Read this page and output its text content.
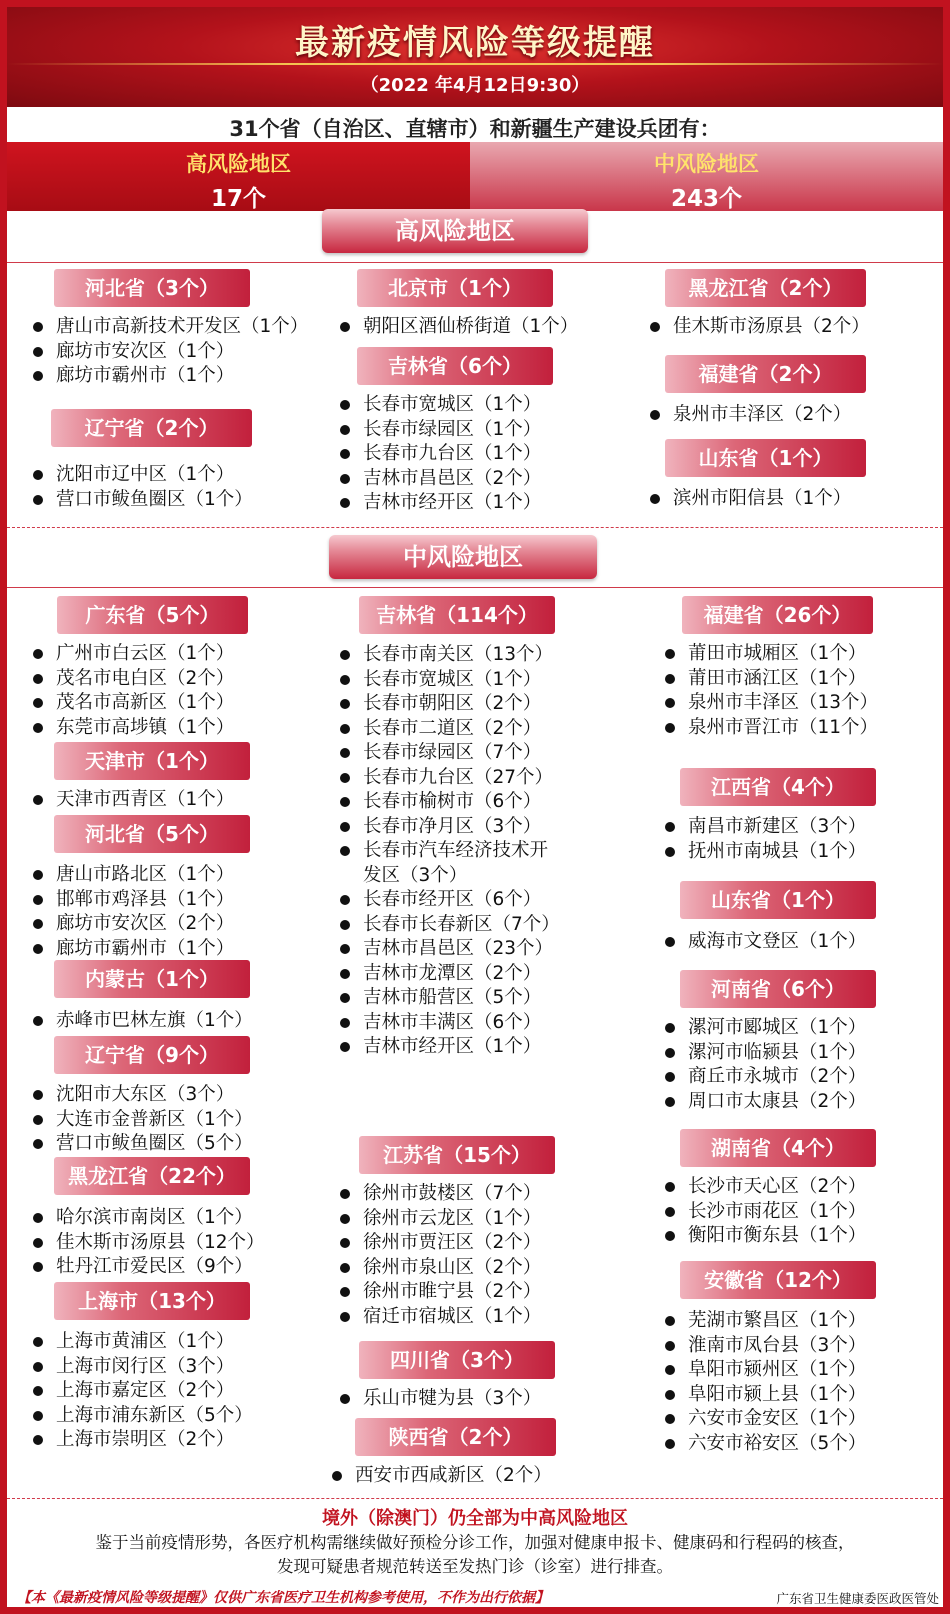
最新疫情风险等级提醒
（2022 年4月12日9:30）
31个省（自治区、直辖市）和新疆生产建设兵团有：
高风险地区
17个
中风险地区
243个
高风险地区
河北省（3个）
唐山市高新技术开发区（1个）
廊坊市安次区（1个）
廊坊市霸州市（1个）
辽宁省（2个）
沈阳市辽中区（1个）
营口市鲅鱼圈区（1个）
北京市（1个）
朝阳区酒仙桥街道（1个）
吉林省（6个）
长春市宽城区（1个）
长春市绿园区（1个）
长春市九台区（1个）
吉林市昌邑区（2个）
吉林市经开区（1个）
黑龙江省（2个）
佳木斯市汤原县（2个）
福建省（2个）
泉州市丰泽区（2个）
山东省（1个）
滨州市阳信县（1个）
中风险地区
广东省（5个）
广州市白云区（1个）
茂名市电白区（2个）
茂名市高新区（1个）
东莞市高埗镇（1个）
天津市（1个）
天津市西青区（1个）
河北省（5个）
唐山市路北区（1个）
邯郸市鸡泽县（1个）
廊坊市安次区（2个）
廊坊市霸州市（1个）
内蒙古（1个）
赤峰市巴林左旗（1个）
辽宁省（9个）
沈阳市大东区（3个）
大连市金普新区（1个）
营口市鲅鱼圈区（5个）
黑龙江省（22个）
哈尔滨市南岗区（1个）
佳木斯市汤原县（12个）
牡丹江市爱民区（9个）
上海市（13个）
上海市黄浦区（1个）
上海市闵行区（3个）
上海市嘉定区（2个）
上海市浦东新区（5个）
上海市崇明区（2个）
吉林省（114个）
长春市南关区（13个）
长春市宽城区（1个）
长春市朝阳区（2个）
长春市二道区（2个）
长春市绿园区（7个）
长春市九台区（27个）
长春市榆树市（6个）
长春市净月区（3个）
长春市汽车经济技术开发区（3个）
长春市经开区（6个）
长春市长春新区（7个）
吉林市昌邑区（23个）
吉林市龙潭区（2个）
吉林市船营区（5个）
吉林市丰满区（6个）
吉林市经开区（1个）
江苏省（15个）
徐州市鼓楼区（7个）
徐州市云龙区（1个）
徐州市贾汪区（2个）
徐州市泉山区（2个）
徐州市睢宁县（2个）
宿迁市宿城区（1个）
四川省（3个）
乐山市犍为县（3个）
陕西省（2个）
西安市西咸新区（2个）
福建省（26个）
莆田市城厢区（1个）
莆田市涵江区（1个）
泉州市丰泽区（13个）
泉州市晋江市（11个）
江西省（4个）
南昌市新建区（3个）
抚州市南城县（1个）
山东省（1个）
威海市文登区（1个）
河南省（6个）
漯河市郾城区（1个）
漯河市临颍县（1个）
商丘市永城市（2个）
周口市太康县（2个）
湖南省（4个）
长沙市天心区（2个）
长沙市雨花区（1个）
衡阳市衡东县（1个）
安徽省（12个）
芜湖市繁昌区（1个）
淮南市凤台县（3个）
阜阳市颍州区（1个）
阜阳市颍上县（1个）
六安市金安区（1个）
六安市裕安区（5个）
境外（除澳门）仍全部为中高风险地区
鉴于当前疫情形势，各医疗机构需继续做好预检分诊工作，加强对健康申报卡、健康码和行程码的核查，
发现可疑患者规范转送至发热门诊（诊室）进行排查。
【本《最新疫情风险等级提醒》仅供广东省医疗卫生机构参考使用，不作为出行依据】	广东省卫生健康委医政医管处
